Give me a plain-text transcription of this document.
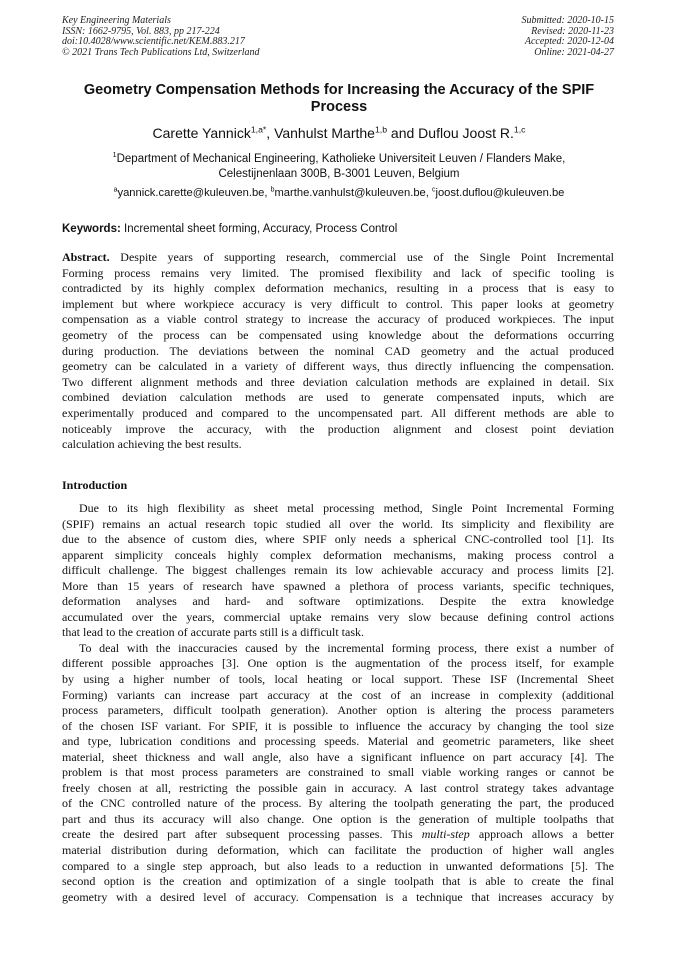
Key Engineering Materials
ISSN: 1662-9795, Vol. 883, pp 217-224
doi:10.4028/www.scientific.net/KEM.883.217
© 2021 Trans Tech Publications Ltd, Switzerland
Submitted: 2020-10-15
Revised: 2020-11-23
Accepted: 2020-12-04
Online: 2021-04-27
Geometry Compensation Methods for Increasing the Accuracy of the SPIF Process
Carette Yannick$^{1,a*}$, Vanhulst Marthe$^{1,b}$ and Duflou Joost R.$^{1,c}$
$^1$Department of Mechanical Engineering, Katholieke Universiteit Leuven / Flanders Make,
Celestijnenlaan 300B, B-3001 Leuven, Belgium
$^a$yannick.carette@kuleuven.be, $^b$marthe.vanhulst@kuleuven.be, $^c$joost.duflou@kuleuven.be
Keywords: Incremental sheet forming, Accuracy, Process Control
Abstract. Despite years of supporting research, commercial use of the Single Point Incremental
Forming process remains very limited. The promised flexibility and lack of specific tooling is
contradicted by its highly complex deformation mechanics, resulting in a process that is easy to
implement but where workpiece accuracy is very difficult to control. This paper looks at geometry
compensation as a viable control strategy to increase the accuracy of produced workpieces. The input
geometry of the process can be compensated using knowledge about the deformations occurring
during production. The deviations between the nominal CAD geometry and the actual produced
geometry can be calculated in a variety of different ways, thus directly influencing the compensation.
Two different alignment methods and three deviation calculation methods are explained in detail. Six
combined deviation calculation methods are used to generate compensated inputs, which are
experimentally produced and compared to the uncompensated part. All different methods are able to
noticeably improve the accuracy, with the production alignment and closest point deviation
calculation achieving the best results.
Introduction
Due to its high flexibility as sheet metal processing method, Single Point Incremental Forming
(SPIF) remains an actual research topic studied all over the world. Its simplicity and flexibility are
due to the absence of custom dies, where SPIF only needs a spherical CNC-controlled tool [1]. Its
apparent simplicity conceals highly complex deformation mechanisms, making process control a
difficult challenge. The biggest challenges remain its low achievable accuracy and process limits [2].
More than 15 years of research have spawned a plethora of process variants, specific techniques,
deformation analyses and hard- and software optimizations. Despite the extra knowledge
accumulated over the years, commercial uptake remains very slow because defining control actions
that lead to the creation of accurate parts still is a difficult task.
To deal with the inaccuracies caused by the incremental forming process, there exist a number of
different possible approaches [3]. One option is the augmentation of the process itself, for example
by using a higher number of tools, local heating or local support. These ISF (Incremental Sheet
Forming) variants can increase part accuracy at the cost of an increase in complexity (additional
process parameters, difficult toolpath generation). Another option is altering the process parameters
of the chosen ISF variant. For SPIF, it is possible to influence the accuracy by changing the tool size
and type, lubrication conditions and processing speeds. Material and geometric parameters, like sheet
material, sheet thickness and wall angle, also have a significant influence on part accuracy [4]. The
problem is that most process parameters are constrained to small viable working ranges or cannot be
freely chosen at all, restricting the possible gain in accuracy. A last control strategy takes advantage
of the CNC controlled nature of the process. By altering the toolpath generating the part, the produced
part and thus its accuracy will also change. One option is the generation of multiple toolpaths that
create the desired part after subsequent processing passes. This multi-step approach allows a better
material distribution during deformation, which can facilitate the production of higher wall angles
compared to a single step approach, but also leads to a reduction in unwanted deformations [5]. The
second option is the creation and optimization of a single toolpath that is able to create the final
geometry with a desired level of accuracy. Compensation is a technique that increases accuracy by
